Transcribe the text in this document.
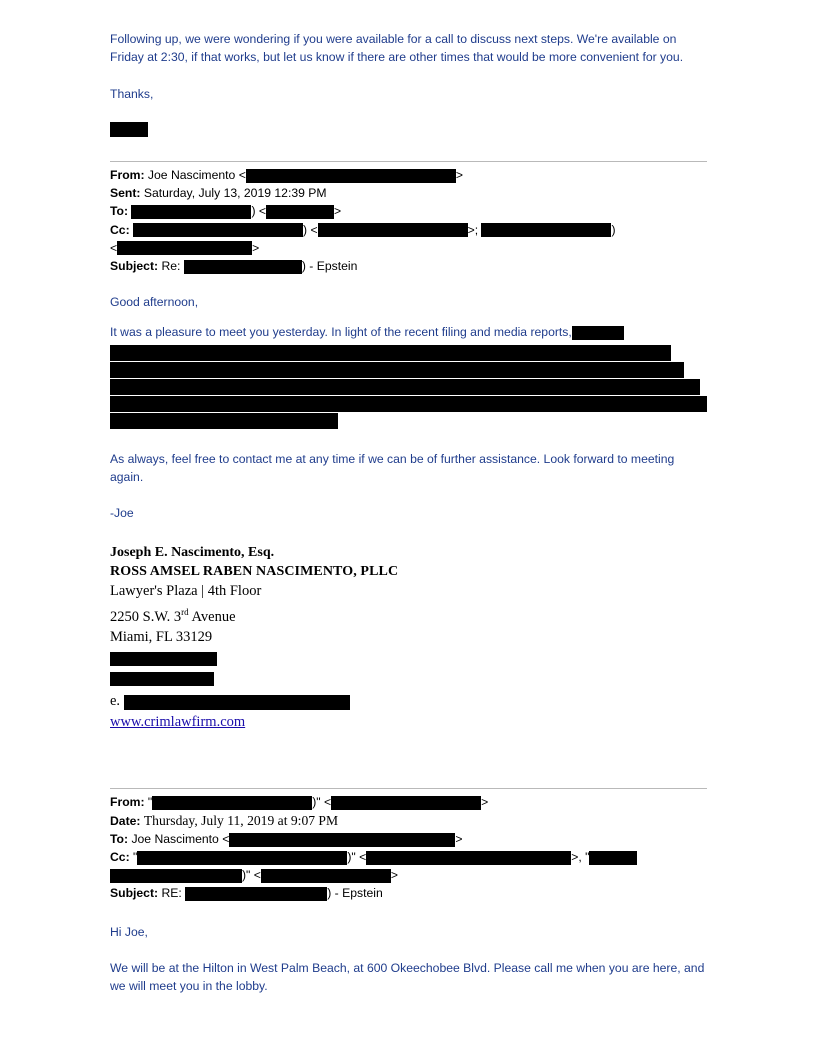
Following up, we were wondering if you were available for a call to discuss next steps. We're available on Friday at 2:30, if that works, but let us know if there are other times that would be more convenient for you.
Thanks,
From: Joe Nascimento <	>
Sent: Saturday, July 13, 2019 12:39 PM
To:	) <	>
Cc:	) <	>;	)
<	>
Subject: Re:	) - Epstein
Good afternoon,
It was a pleasure to meet you yesterday. In light of the recent filing and media reports,
As always, feel free to contact me at any time if we can be of further assistance. Look forward to meeting again.
-Joe
Joseph E. Nascimento, Esq.
ROSS AMSEL RABEN NASCIMENTO, PLLC
Lawyer's Plaza | 4th Floor
2250 S.W. 3rd Avenue
Miami, FL 33129
e.
www.crimlawfirm.com
From: "	)" <	>
Date: Thursday, July 11, 2019 at 9:07 PM
To: Joe Nascimento <	>
Cc: "	)" <	>, "
)" <	>
Subject: RE:	) - Epstein
Hi Joe,
We will be at the Hilton in West Palm Beach, at 600 Okeechobee Blvd. Please call me when you are here, and we will meet you in the lobby.
